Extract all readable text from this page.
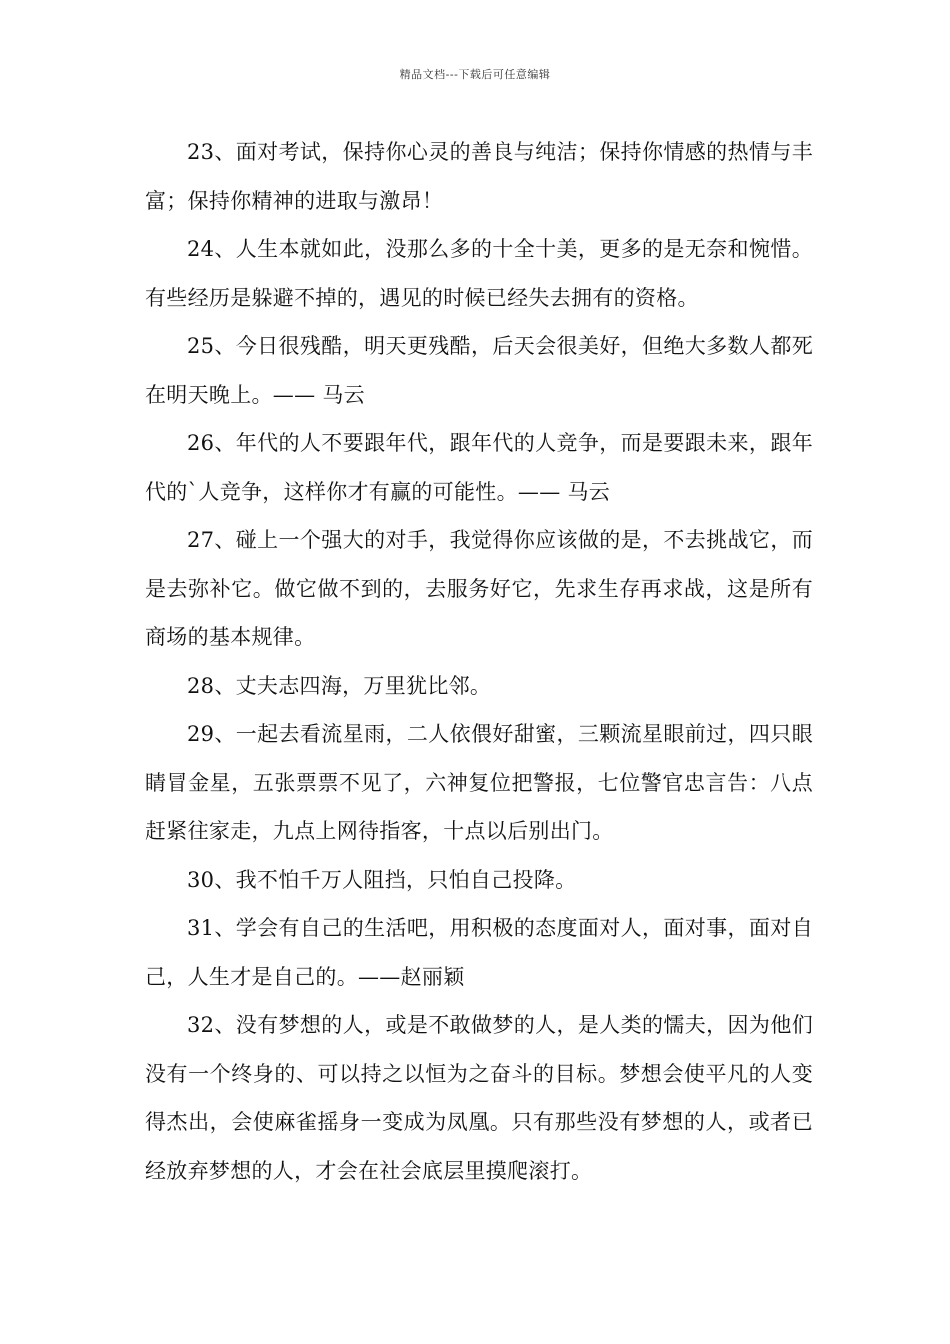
精品文档---下载后可任意编辑

23、面对考试，保持你心灵的善良与纯洁；保持你情感的热情与丰富；保持你精神的进取与激昂！

24、人生本就如此，没那么多的十全十美，更多的是无奈和惋惜。有些经历是躲避不掉的，遇见的时候已经失去拥有的资格。

25、今日很残酷，明天更残酷，后天会很美好，但绝大多数人都死在明天晚上。—— 马云

26、年代的人不要跟年代，跟年代的人竞争，而是要跟未来，跟年代的`人竞争，这样你才有赢的可能性。—— 马云

27、碰上一个强大的对手，我觉得你应该做的是，不去挑战它，而是去弥补它。做它做不到的，去服务好它，先求生存再求战，这是所有商场的基本规律。

28、丈夫志四海，万里犹比邻。

29、一起去看流星雨，二人依偎好甜蜜，三颗流星眼前过，四只眼睛冒金星，五张票票不见了，六神复位把警报，七位警官忠言告：八点赶紧往家走，九点上网待指客，十点以后别出门。

30、我不怕千万人阻挡，只怕自己投降。

31、学会有自己的生活吧，用积极的态度面对人，面对事，面对自己，人生才是自己的。——赵丽颖

32、没有梦想的人，或是不敢做梦的人，是人类的懦夫，因为他们没有一个终身的、可以持之以恒为之奋斗的目标。梦想会使平凡的人变得杰出，会使麻雀摇身一变成为凤凰。只有那些没有梦想的人，或者已经放弃梦想的人，才会在社会底层里摸爬滚打。
